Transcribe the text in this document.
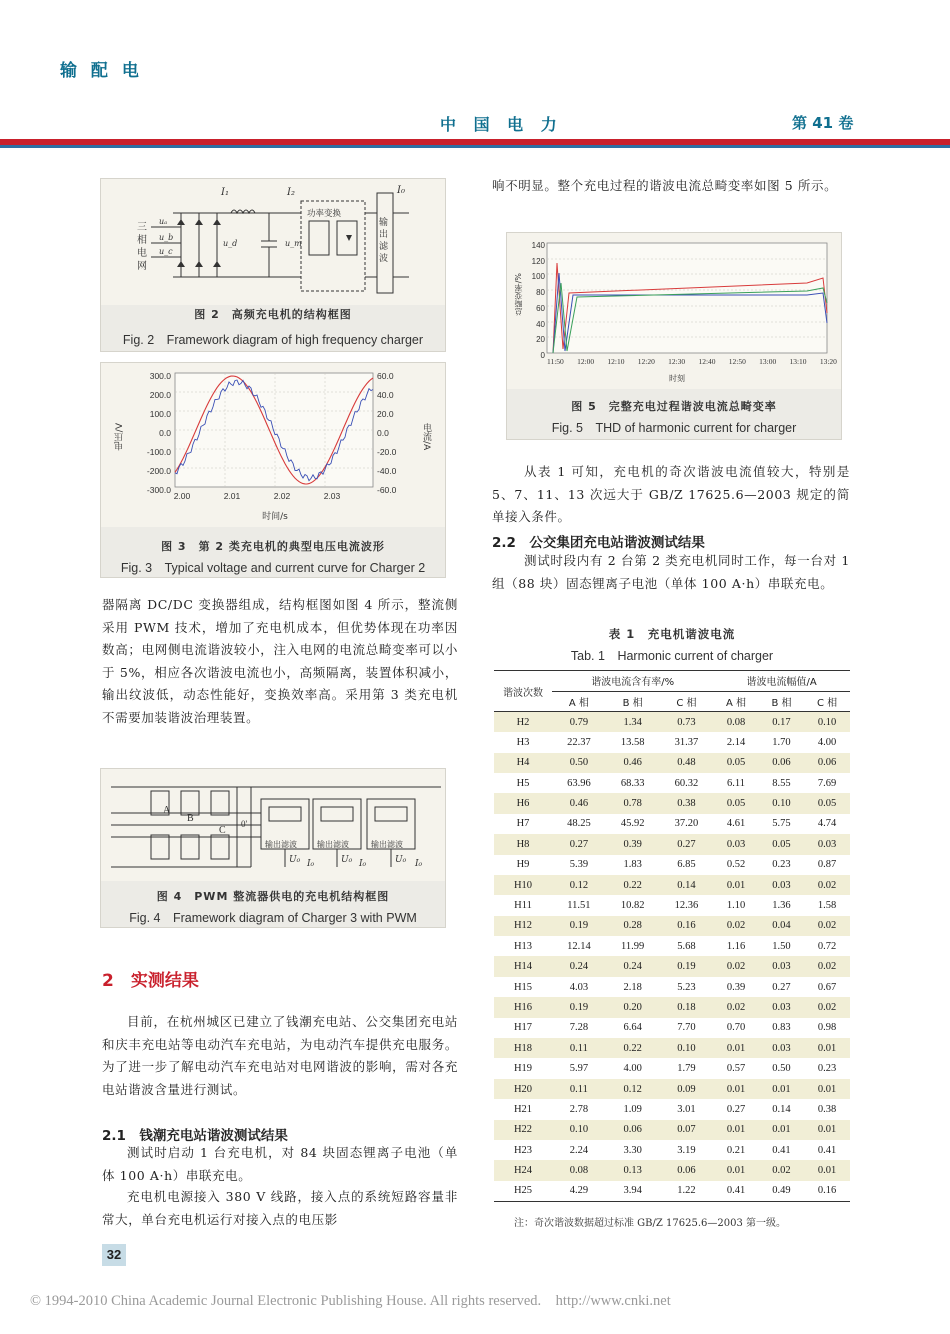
输 配 电
中 国 电 力	第 41 卷
三
相
电
网
功率变换
输
出
滤
波
I₁	I₂	I₀
uₐ
u_b
u_c
u_d	u_m
图 2　高频充电机的结构框图
Fig. 2　Framework diagram of high frequency charger
电压/V	电流/A
300.0
200.0
100.0
0.0
-100.0
-200.0
-300.0
60.0
40.0
20.0
0.0
-20.0
-40.0
-60.0
2.00	2.01	2.02	2.03
时间/s
图 3　第 2 类充电机的典型电压电流波形
Fig. 3　Typical voltage and current curve for Charger 2
器隔离 DC/DC 变换器组成，结构框图如图 4 所示，整流侧采用 PWM 技术，增加了充电机成本，但优势体现在功率因数高；电网侧电流谐波较小，注入电网的电流总畸变率可以小于 5%，相应各次谐波电流也小，高频隔离，装置体积减小，输出纹波低，动态性能好，变换效率高。采用第 3 类充电机不需要加装谐波治理装置。
A
B
C
0'
输出滤波	输出滤波	输出滤波
U₀ I₀	U₀ I₀	U₀ I₀
图 4　PWM 整流器供电的充电机结构框图
Fig. 4　Framework diagram of Charger 3 with PWM
2　实测结果
目前，在杭州城区已建立了钱潮充电站、公交集团充电站和庆丰充电站等电动汽车充电站，为电动汽车提供充电服务。为了进一步了解电动汽车充电站对电网谐波的影响，需对各充电站谐波含量进行测试。
2.1　钱潮充电站谐波测试结果
测试时启动 1 台充电机，对 84 块固态锂离子电池（单体 100 A·h）串联充电。
充电机电源接入 380 V 线路，接入点的系统短路容量非常大，单台充电机运行对接入点的电压影
响不明显。整个充电过程的谐波电流总畸变率如图 5 所示。
总畸变率/%
140
120
100
80
60
40
20
0
11:50 12:00 12:10 12:20 12:30 12:40 12:50 13:00 13:10 13:20
时刻
图 5　完整充电过程谐波电流总畸变率
Fig. 5　THD of harmonic current for charger
从表 1 可知，充电机的奇次谐波电流值较大，特别是 5、7、11、13 次远大于 GB/Z 17625.6—2003 规定的简单接入条件。
2.2　公交集团充电站谐波测试结果
测试时段内有 2 台第 2 类充电机同时工作，每一台对 1 组（88 块）固态锂离子电池（单体 100 A·h）串联充电。
表 1　充电机谐波电流
Tab. 1　Harmonic current of charger
谐波次数	谐波电流含有率/%			谐波电流幅值/A		
	A 相	B 相	C 相	A 相	B 相	C 相
H2	0.79	1.34	0.73	0.08	0.17	0.10
H3	22.37	13.58	31.37	2.14	1.70	4.00
H4	0.50	0.46	0.48	0.05	0.06	0.06
H5	63.96	68.33	60.32	6.11	8.55	7.69
H6	0.46	0.78	0.38	0.05	0.10	0.05
H7	48.25	45.92	37.20	4.61	5.75	4.74
H8	0.27	0.39	0.27	0.03	0.05	0.03
H9	5.39	1.83	6.85	0.52	0.23	0.87
H10	0.12	0.22	0.14	0.01	0.03	0.02
H11	11.51	10.82	12.36	1.10	1.36	1.58
H12	0.19	0.28	0.16	0.02	0.04	0.02
H13	12.14	11.99	5.68	1.16	1.50	0.72
H14	0.24	0.24	0.19	0.02	0.03	0.02
H15	4.03	2.18	5.23	0.39	0.27	0.67
H16	0.19	0.20	0.18	0.02	0.03	0.02
H17	7.28	6.64	7.70	0.70	0.83	0.98
H18	0.11	0.22	0.10	0.01	0.03	0.01
H19	5.97	4.00	1.79	0.57	0.50	0.23
H20	0.11	0.12	0.09	0.01	0.01	0.01
H21	2.78	1.09	3.01	0.27	0.14	0.38
H22	0.10	0.06	0.07	0.01	0.01	0.01
H23	2.24	3.30	3.19	0.21	0.41	0.41
H24	0.08	0.13	0.06	0.01	0.02	0.01
H25	4.29	3.94	1.22	0.41	0.49	0.16
注：奇次谐波数据超过标准 GB/Z 17625.6—2003 第一级。
32
© 1994-2010 China Academic Journal Electronic Publishing House. All rights reserved.　http://www.cnki.net
